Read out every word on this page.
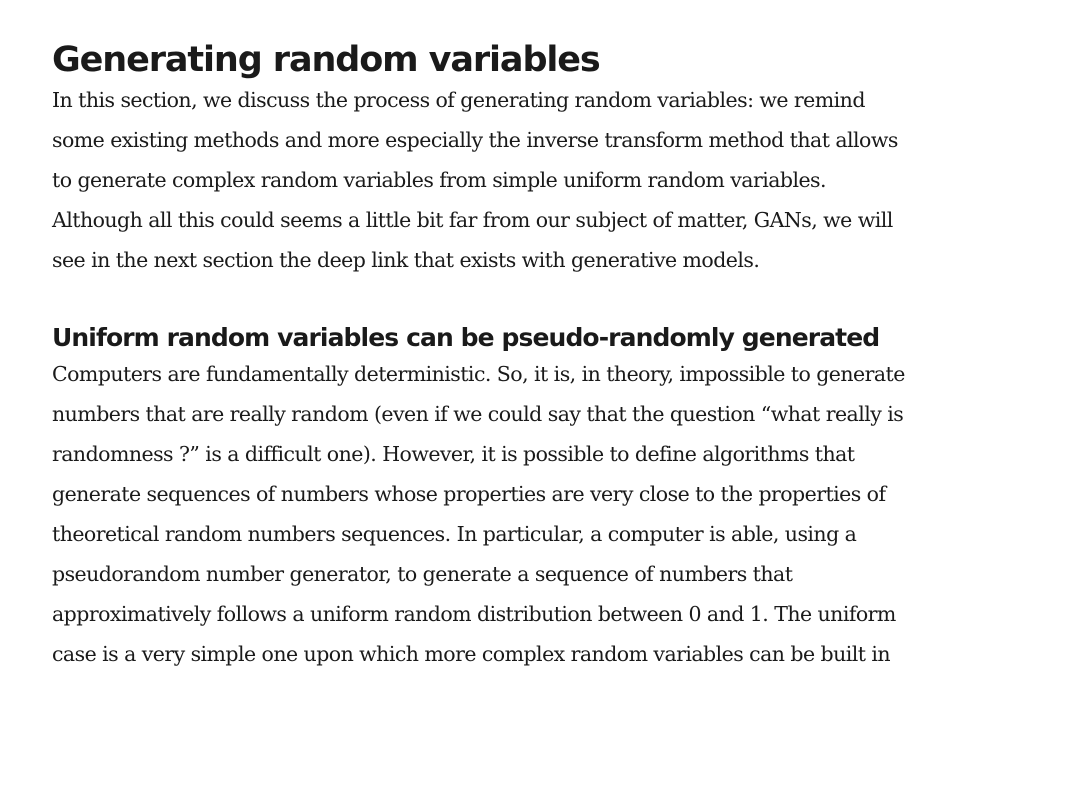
Generating random variables

In this section, we discuss the process of generating random variables: we remind some existing methods and more especially the inverse transform method that allows to generate complex random variables from simple uniform random variables. Although all this could seems a little bit far from our subject of matter, GANs, we will see in the next section the deep link that exists with generative models.

Uniform random variables can be pseudo-randomly generated

Computers are fundamentally deterministic. So, it is, in theory, impossible to generate numbers that are really random (even if we could say that the question “what really is randomness ?” is a difficult one). However, it is possible to define algorithms that generate sequences of numbers whose properties are very close to the properties of theoretical random numbers sequences. In particular, a computer is able, using a pseudorandom number generator, to generate a sequence of numbers that approximatively follows a uniform random distribution between 0 and 1. The uniform case is a very simple one upon which more complex random variables can be built in
